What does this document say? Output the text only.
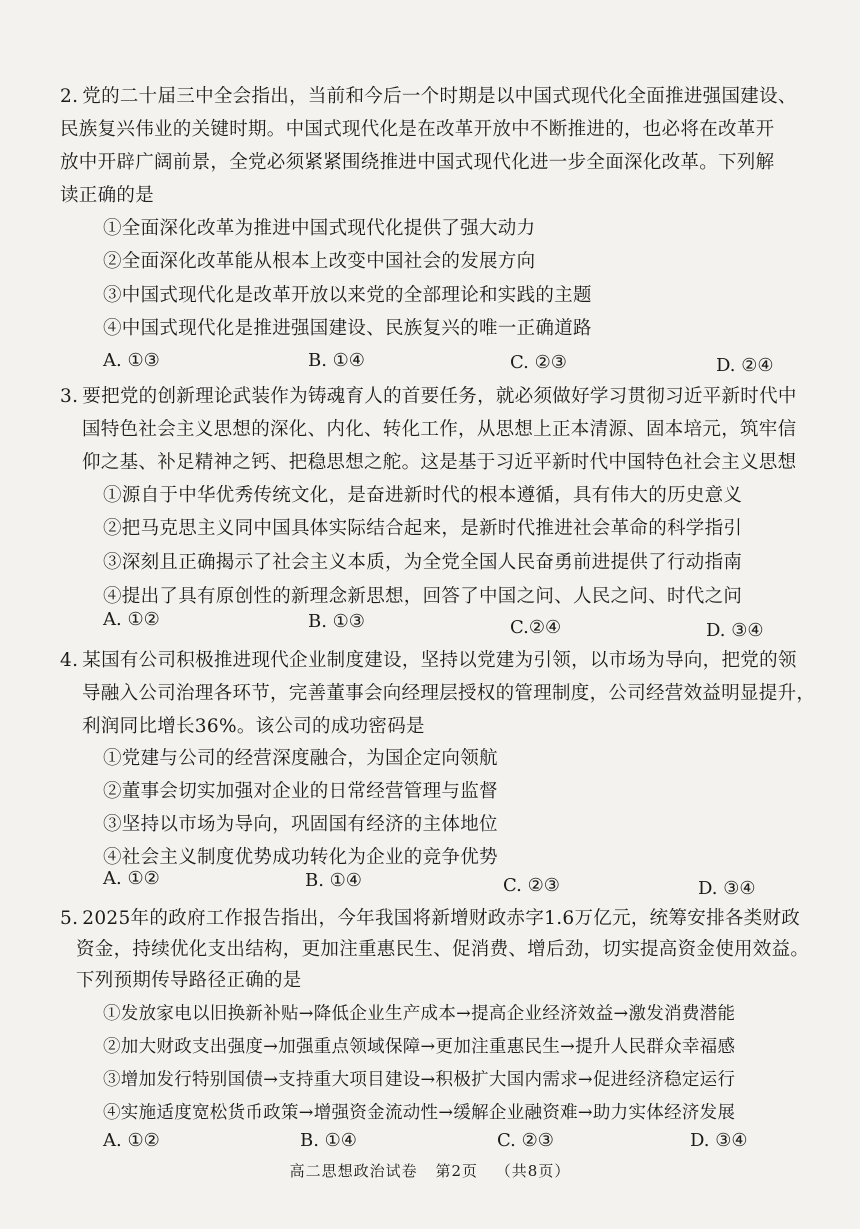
2. 党的二十届三中全会指出，当前和今后一个时期是以中国式现代化全面推进强国建设、
民族复兴伟业的关键时期。中国式现代化是在改革开放中不断推进的，也必将在改革开
放中开辟广阔前景，全党必须紧紧围绕推进中国式现代化进一步全面深化改革。下列解
读正确的是
①全面深化改革为推进中国式现代化提供了强大动力
②全面深化改革能从根本上改变中国社会的发展方向
③中国式现代化是改革开放以来党的全部理论和实践的主题
④中国式现代化是推进强国建设、民族复兴的唯一正确道路
A. ①③	B. ①④	C. ②③	D. ②④
3. 要把党的创新理论武装作为铸魂育人的首要任务，就必须做好学习贯彻习近平新时代中
国特色社会主义思想的深化、内化、转化工作，从思想上正本清源、固本培元，筑牢信
仰之基、补足精神之钙、把稳思想之舵。这是基于习近平新时代中国特色社会主义思想
①源自于中华优秀传统文化，是奋进新时代的根本遵循，具有伟大的历史意义
②把马克思主义同中国具体实际结合起来，是新时代推进社会革命的科学指引
③深刻且正确揭示了社会主义本质，为全党全国人民奋勇前进提供了行动指南
④提出了具有原创性的新理念新思想，回答了中国之问、人民之问、时代之问
A. ①②	B. ①③	C.②④	D. ③④
4. 某国有公司积极推进现代企业制度建设，坚持以党建为引领，以市场为导向，把党的领
导融入公司治理各环节，完善董事会向经理层授权的管理制度，公司经营效益明显提升，
利润同比增长36%。该公司的成功密码是
①党建与公司的经营深度融合，为国企定向领航
②董事会切实加强对企业的日常经营管理与监督
③坚持以市场为导向，巩固国有经济的主体地位
④社会主义制度优势成功转化为企业的竞争优势
A. ①②	B. ①④	C. ②③	D. ③④
5. 2025年的政府工作报告指出，今年我国将新增财政赤字1.6万亿元，统筹安排各类财政
资金，持续优化支出结构，更加注重惠民生、促消费、增后劲，切实提高资金使用效益。
下列预期传导路径正确的是
①发放家电以旧换新补贴→降低企业生产成本→提高企业经济效益→激发消费潜能
②加大财政支出强度→加强重点领域保障→更加注重惠民生→提升人民群众幸福感
③增加发行特别国债→支持重大项目建设→积极扩大国内需求→促进经济稳定运行
④实施适度宽松货币政策→增强资金流动性→缓解企业融资难→助力实体经济发展
A. ①②	B. ①④	C. ②③	D. ③④
高二思想政治试卷 第2页 （共8页）
